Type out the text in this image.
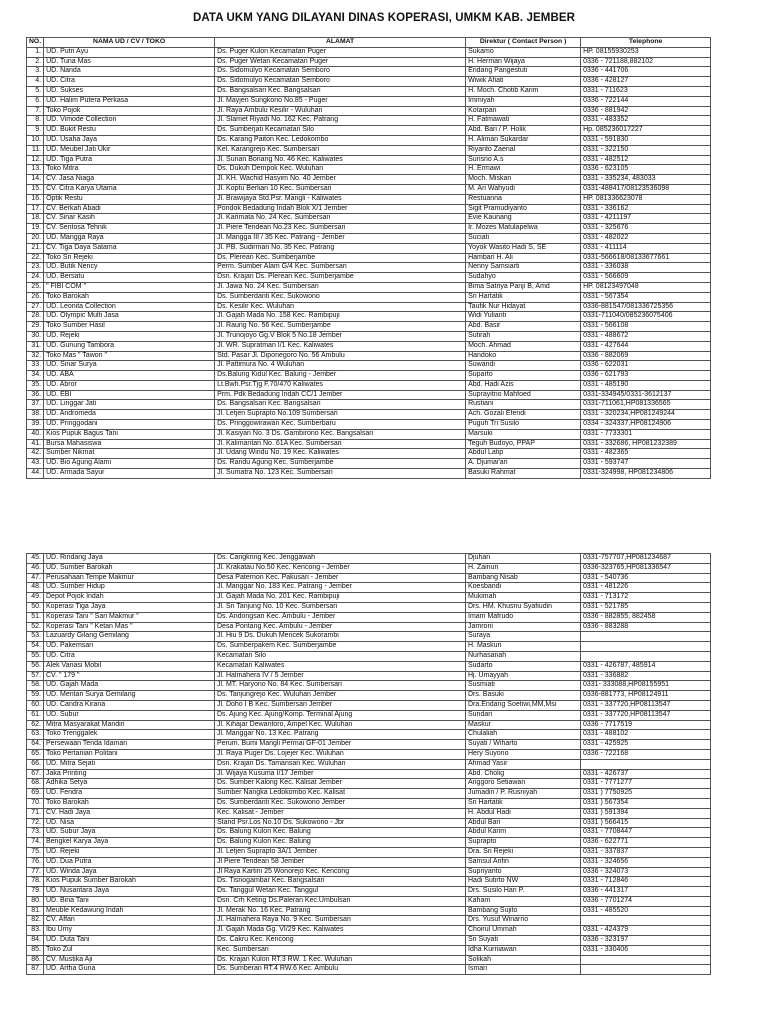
DATA UKM YANG DILAYANI DINAS KOPERASI, UMKM KAB. JEMBER
NO.	NAMA UD / CV / TOKO	ALAMAT	Direktur ( Contact Person )	Telephone
1.	UD. Putri Ayu	Ds. Puger Kulon Kecamatan Puger	Sukamo	HP. 08155930253
2.	UD. Tuna Mas	Ds. Puger Wetan Kecamatan Puger	H. Herman Wijaya	0336 - 721188,882102
3.	UD. Nanda	Ds. Sidomulyo Kecamatan Semboro	Endang Pangestuti	0336 - 441706
4.	UD. Citra	Ds. Sidomulyo Kecamatan Semboro	Wiwik Afiati	0336 - 428127
5.	UD. Sukses	Ds. Bangsalsari Kec. Bangsalsari	H. Moch. Chotib Karim	0331 - 711623
6.	UD. Halim Putera Perkasa	Jl. Mayjen Sungkono No.85 - Puger	Immiyah	0336 - 722144
7.	Toko Pojok	Jl. Raya Ambulu Kesilir - Wuluhan	Kotarpan	0336 - 881942
8.	UD. Vimode Collection	Jl. Slamet Riyadi No. 162 Kec. Patrang	H. Fatmawati	0331 - 483352
9.	UD. Bukit Restu	Ds. Sumberjati Kecamatan Silo	Abd. Bari / P. Holik	Hp. 085236017227
10.	UD. Usaha Jaya	Ds. Karang Paiton Kec. Ledokombo	H. Aliman Sukardar	0331 - 591830
11.	UD. Meubel Jati Ukir	Kel. Karangrejo Kec. Sumbersari	Riyanto Zaenal	0331 - 322150
12.	UD. Tiga Putra	Jl. Sunan Bonang No. 46 Kec. Kaliwates	Surisno A.s	0331 - 482512
13.	Toko Mitra	Ds. Dukuh Dempok Kec. Wuluhan	H. Ermawi	0336 - 623105
14.	CV. Jasa Niaga	Jl. KH. Wachid Hasyim No. 40 Jember	Moch. Miskan	0331 - 335234, 483033
15.	CV. Citra Karya Utama	Jl. Koptu Berlian 10 Kec. Sumbersari	M. Ari Wahyudi	0331-488417/08123536098
16.	Optik Restu	Jl. Brawijaya Std.Psr. Mangli - Kaliwates	Restuanna	HP. 081336623078
17.	CV. Berkah Abadi	Pondok Bedadung Indah Blok X/1 Jember	Sigit Pramudiyanto	0331 - 336162
18.	CV. Sinar Kasih	Jl. Karimata No. 24 Kec. Sumbersari	Evie Kaunang	0331 - 4211197
19.	CV. Sentosa Tehnik	Jl. Piere Tendean No.23 Kec. Sumbersari	Ir. Mozes Matulapelwa	0331 - 325676
20.	UD. Mangga Raya	Jl. Mangga III / 35 Kec. Patrang - Jember	Suciati	0331 - 482022
21.	CV. Tiga Daya Satama	Jl. PB. Sudirman No. 35 Kec. Patrang	Yoyok Wasito Hadi S, SE	0331 - 411114
22.	Toko Sri Rejeki	Ds. Plerean Kec. Sumberjambe	Hambari H. Ali	0331-566618/08133677661
23.	UD. Butik Nency	Perm. Sumber Alam G/4 Kec. Sumbersari	Nenny Samsiarti	0331 - 336038
24.	UD. Bersatu	Dsn. Krajan Ds. Plerean Kec. Sumberjambe	Sudahyo	0331 - 566609
25.	" FIBI COM "	Jl. Jawa No. 24 Kec. Sumbersari	Bima Satriya Panji B, Amd	HP. 08123497048
26.	Toko Barokah	Ds. Sumberdanti Kec. Sukowono	Sri Hartatik	0331 - 567354
27.	UD. Leonita Collection	Ds. Kesilir Kec. Wuluhan	Taufik Nur Hidayat	0336-881547/081336725356
28.	UD. Olympic Multi Jasa	Jl. Gajah Mada No. 158 Kec. Rambipuji	Widi Yulianti	0331-711040/085236075406
29.	Toko Sumber Hasil	Jl. Raung No. 56 Kec. Sumberjambe	Abd. Basir	0331 - 566108
30.	UD. Rejeki	Jl. Trunojoyo Gg.V Blok 5 No.18 Jember	Sutirah	0331 - 488672
31.	UD. Gunung Tambora	Jl. WR. Supratman I/1 Kec. Kaliwates	Moch. Ahmad	0331 - 427644
32.	Toko Mas " Tawon "	Std. Pasar Jl. Diponegoro No. 56 Ambulu	Handoko	0336 - 882069
33.	UD. Sinar Surya	Jl. Pattimura No. 4 Wuluhan	Suwandi	0336 - 622031
34.	UD. ABA	Ds.Balung Kidul Kec. Balung - Jember	Suparto	0336 - 621793
35.	UD. Abror	Lt.Bwh.Psr.Tjg F.70/470 Kaliwates	Abd. Hadi Azis	0331 - 485190
36.	UD. EBI	Prm. Pdk Bedadung Indah CC/1 Jember	Suprayitno Mahfoed	0331-334945/0331-3612137
37.	UD. Linggar Jati	Ds. Bangsalsari Kec. Bangsalsari	Rustiani	0331-711061,HP081336565
38.	UD. Andromeda	Jl. Letjen Suprapto No.109 Sumbersari	Ach. Gozali Efendi	0331 - 320234,HP081249244
39.	UD. Pringgodani	Ds. Pringgowirawan Kec. Sumberbaru	Puguh Tri Susilo	0334 - 324337,HP08124906
40.	Kios Pupuk Bagus Tani	Jl. Kasiyan No. 3 Ds. Gambirono Kec. Bangsalsari	Marsuki	0331 - 7733301
41.	Bursa Mahasiswa	Jl. Kalimantan No. 61A Kec. Sumbersari	Teguh Budoyo, PPAP	0331 - 332686, HP081232389
42.	Sumber Nikmat	Jl. Udang Windu No. 19 Kec. Kaliwates	Abdul Latip	0331 - 482365
43.	UD. Bio Agung Alami	Ds. Randu Agung Kec. Sumberjambe	A. Djumai'ari	0331 - 593747
44.	UD. Armada Sayur	Jl. Sumatra No. 123 Kec. Sumbersari	Basuki Rahmat	0331-324998, HP081234806
45.	UD. Rindang Jaya	Ds. Cangkring Kec. Jenggawah	Djuhari	0331-757707,HP081234687
46.	UD. Sumber Barokah	Jl. Krakatau No.50 Kec. Kencong - Jember	H. Zainuri	0336-323765,HP081336547
47.	Perusahaan Tempe Makmur	Desa Paternon Kec. Pakusari - Jember	Bambang Nisab	0331 - 540736
48.	UD. Sumber Hidup	Jl. Manggar No. 183 Kec. Patrang - Jember	Koesbandi	0331 - 481226
49.	Depot Pojok Indah	Jl. Gajah Mada No. 201 Kec. Rambipuji	Mukimah	0331 - 713172
50.	Koperasi Tiga Jaya	Jl. Sri Tanjung No. 10 Kec. Sumbersari	Drs. HM. Khusnu Syafiudin	0331 - 521785
51.	Koperasi Tani " Sari Makmur "	Ds. Andongsari Kec. Ambulu - Jember	Imam Mafrudo	0336 - 882855, 882458
52.	Koperasi Tani " Ketan Mas "	Desa Pontang Kec. Ambulu - Jember	Jamroni	0336 - 883288
53.	Lazuardy Gilang Gemilang	Jl. Hiu 9 Ds. Dukuh Mencek Sukorambi	Suraya	
54.	UD. Pakemsari	Ds. Sumberpakem Kec. Sumberjambe	H. Maskuri	
55.	UD. Citra	Kecamatan Silo	Nurhasanah	
56.	Alek Vanasi Mobil	Kecamatan Kaliwates	Sudarto	0331 - 426787, 485914
57.	CV. " 179 "	Jl. Halmahera IV / 5 Jember	Hj. Umayyah	0331 - 336882
58.	UD. Gajah Mada	Jl. MT. Haryono No. 84 Kec. Sumbersari	Susmiati	0331- 333088,HP08155951
59.	UD. Mentari Surya Gemilang	Ds. Tanjungrejo Kec. Wuluhan Jember	Drs. Basuki	0336-881773, HP08124911
60.	UD. Candra Kirana	Jl. Doho I B Kec. Sumbersari Jember	Dra.Endang Soetiwi,MM,Msi	0331 - 337720,HP08113547
61.	UD. Subur	Ds. Ajung Kec. Ajung/Komp. Terminal Ajung	Sundari	0331 - 337720,HP08113547
62.	Mitra Masyarakat Mandiri	Jl. Kihajar Dewantoro, Ampel Kec. Wuluhan	Maskur	0336 - 7717519
63.	Toko Trenggalek	Jl. Manggar No. 13 Kec. Patrang	Chulaliah	0331 - 488102
64.	Persewaan Tenda Idaman	Perum. Bumi Mangli Permai GF-01 Jember	Suyati / Wiharto	0331 - 425925
65.	Toko Pertanian Politani	Jl. Raya Puger Ds. Lojejer Kec. Wuluhan	Hery Suyono	0336 - 722168
66.	UD. Mitra Sejati	Dsn. Krajan Ds. Tamansari Kec. Wuluhan	Ahmad Yasir	
67.	Jaka Printing	Jl. Wijaya Kusuma I/17 Jember	Abd. Cholig	0331 - 426737
68.	Adhika Setya	Ds. Sumber Kalong Kec. Kalisat Jember	Anggoro Setiawan	0331 - 7771277
69.	UD. Fendra	Sumber Nangka Ledokombo Kec. Kalisat	Jumadin / P. Rusniyah	0331 ) 7750925
70.	Toko Barokah	Ds. Sumberdanti Kec. Sukowono Jember	Sri Hartatik	0331 ) 567354
71.	CV. Hadi Jaya	Kec. Kalisat - Jember	H. Abdul Hadi	0331 ) 591394
72.	UD. Nisa	Stand Psr.Los No.10 Ds. Sukowono - Jbr	Abdul Bari	0331 ) 566415
73.	UD. Subur Jaya	Ds. Balung Kulon Kec. Balung	Abdul Karim	0331 - 7708447
74.	Bengkel Karya Jaya	Ds. Balung Kulon Kec. Balung	Suprapto	0336 - 622771
75.	UD. Rejeki	Jl. Letjen Suprapto 3A/1 Jember	Dra. Sri Rejeki	0331 - 337837
76.	UD. Dua Putra	Jl Piere Tendean 58 Jember	Samsul Arifin	0331 - 324656
77.	UD. Winda Jaya	Jl Raya Kartini 25 Wonorejo Kec. Kencong	Supriyanto	0336 - 324073
78.	Kios Pupuk Sumber Barokah	Ds. Tisnogambar Kec. Bangsalsari	Hadi Sutirto NW	0331 - 712846
79.	UD. Nusantara Jaya	Ds. Tanggul Wetan Kec. Tanggul	Drs. Susilo Hari P.	0336 - 441317
80.	UD. Bina Tani	Dsn. Crh Keting Ds.Paleran Kec.Umbulsari	Kaham	0336 - 7701274
81.	Meuble Kedawung Indah	Jl. Merak No. 16 Kec. Patrang	Bambang Sujito	0331 - 485520
82.	CV. Affan	Jl. Halmahera Raya No. 9 Kec. Sumbersari	Drs. Yusuf Winarno	
83.	Ibu Umy	Jl. Gajah Mada Gg. VI/29 Kec. Kaliwates	Choirul Ummah	0331 - 424379
84.	UD. Duta Tani	Ds. Cakru Kec. Kencong	Sri Suyati	0336 - 323197
85.	Toko Zul	Kec. Sumbersari	Idha Kurniawan	0331 - 330406
86.	CV. Mustika Aji	Ds. Krajan Kulon RT.3 RW. 1 Kec. Wuluhan	Solikah	
87.	UD. Artha Guna	Ds. Sumberan RT.4 RW.6 Kec. Ambulu	Ismari	
